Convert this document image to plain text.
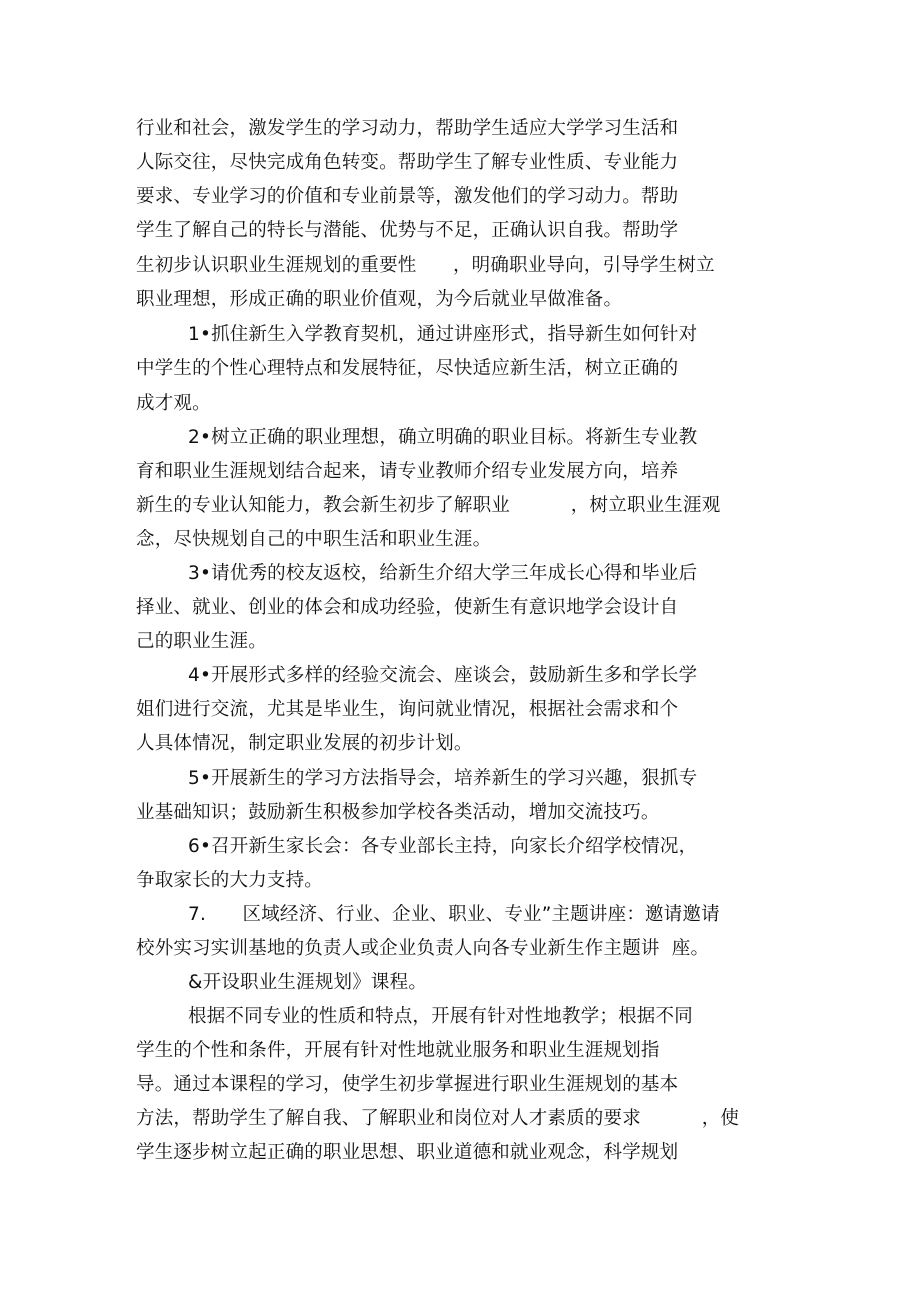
行业和社会，激发学生的学习动力，帮助学生适应大学学习生活和
人际交往，尽快完成角色转变。帮助学生了解专业性质、专业能力
要求、专业学习的价值和专业前景等，激发他们的学习动力。帮助
学生了解自己的特长与潜能、优势与不足，正确认识自我。帮助学
生初步认识职业生涯规划的重要性      ，明确职业导向，引导学生树立
职业理想，形成正确的职业价值观，为今后就业早做准备。
1•抓住新生入学教育契机，通过讲座形式，指导新生如何针对
中学生的个性心理特点和发展特征，尽快适应新生活，树立正确的
成才观。
2•树立正确的职业理想，确立明确的职业目标。将新生专业教
育和职业生涯规划结合起来，请专业教师介绍专业发展方向，培养
新生的专业认知能力，教会新生初步了解职业          ，树立职业生涯观
念，尽快规划自己的中职生活和职业生涯。
3•请优秀的校友返校，给新生介绍大学三年成长心得和毕业后
择业、就业、创业的体会和成功经验，使新生有意识地学会设计自
己的职业生涯。
4•开展形式多样的经验交流会、座谈会，鼓励新生多和学长学
姐们进行交流，尤其是毕业生，询问就业情况，根据社会需求和个
人具体情况，制定职业发展的初步计划。
5•开展新生的学习方法指导会，培养新生的学习兴趣，狠抓专
业基础知识；鼓励新生积极参加学校各类活动，增加交流技巧。
6•召开新生家长会：各专业部长主持，向家长介绍学校情况，
争取家长的大力支持。
7.      区域经济、行业、企业、职业、专业”主题讲座：邀请邀请
校外实习实训基地的负责人或企业负责人向各专业新生作主题讲  座。
&开设职业生涯规划》课程。
根据不同专业的性质和特点，开展有针对性地教学；根据不同
学生的个性和条件，开展有针对性地就业服务和职业生涯规划指
导。通过本课程的学习，使学生初步掌握进行职业生涯规划的基本
方法，帮助学生了解自我、了解职业和岗位对人才素质的要求          ，使
学生逐步树立起正确的职业思想、职业道德和就业观念，科学规划
